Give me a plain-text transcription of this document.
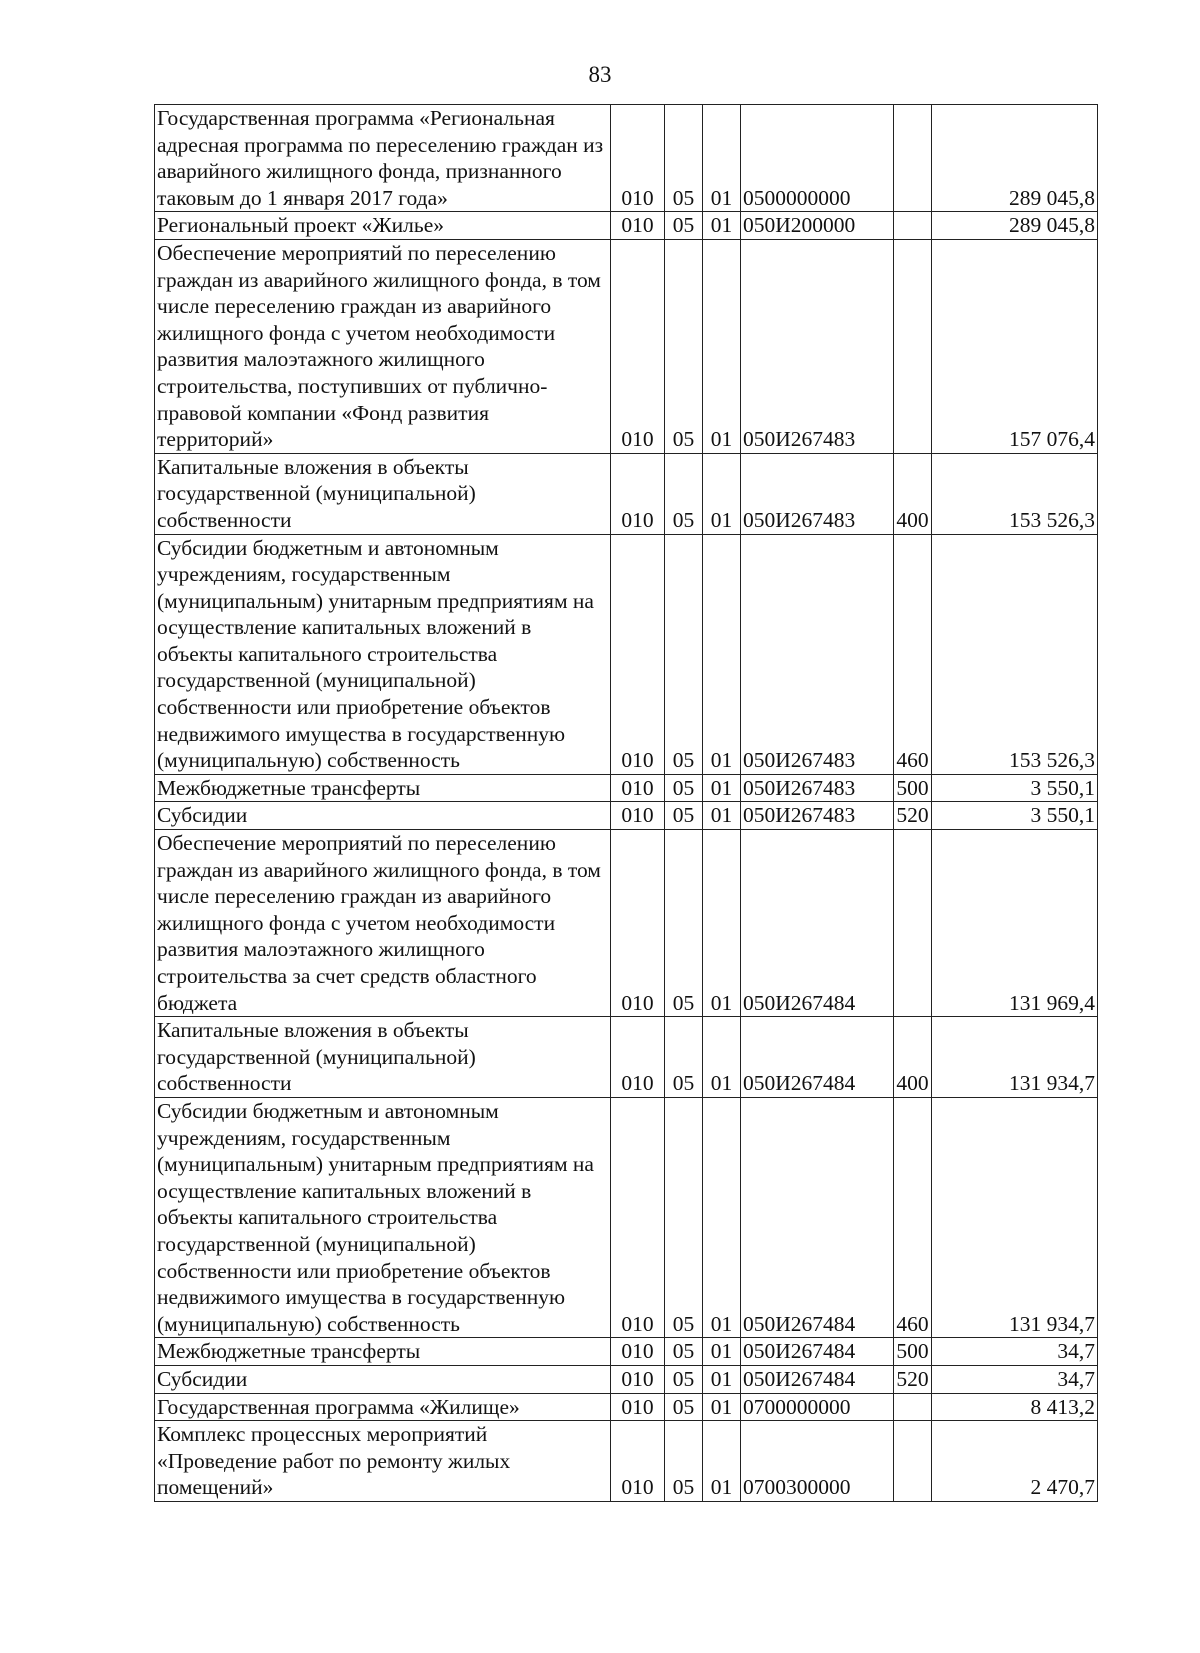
83
Государственная программа «Региональная адресная программа по переселению граждан из аварийного жилищного фонда, признанного таковым до 1 января 2017 года»	010	05	01	0500000000		289 045,8
Региональный проект «Жилье»	010	05	01	050И200000		289 045,8
Обеспечение мероприятий по переселению граждан из аварийного жилищного фонда, в том числе переселению граждан из аварийного жилищного фонда с учетом необходимости развития малоэтажного жилищного строительства, поступивших от публично-правовой компании «Фонд развития территорий»	010	05	01	050И267483		157 076,4
Капитальные вложения в объекты государственной (муниципальной) собственности	010	05	01	050И267483	400	153 526,3
Субсидии бюджетным и автономным учреждениям, государственным (муниципальным) унитарным предприятиям на осуществление капитальных вложений в объекты капитального строительства государственной (муниципальной) собственности или приобретение объектов недвижимого имущества в государственную (муниципальную) собственность	010	05	01	050И267483	460	153 526,3
Межбюджетные трансферты	010	05	01	050И267483	500	3 550,1
Субсидии	010	05	01	050И267483	520	3 550,1
Обеспечение мероприятий по переселению граждан из аварийного жилищного фонда, в том числе переселению граждан из аварийного жилищного фонда с учетом необходимости развития малоэтажного жилищного строительства за счет средств областного бюджета	010	05	01	050И267484		131 969,4
Капитальные вложения в объекты государственной (муниципальной) собственности	010	05	01	050И267484	400	131 934,7
Субсидии бюджетным и автономным учреждениям, государственным (муниципальным) унитарным предприятиям на осуществление капитальных вложений в объекты капитального строительства государственной (муниципальной) собственности или приобретение объектов недвижимого имущества в государственную (муниципальную) собственность	010	05	01	050И267484	460	131 934,7
Межбюджетные трансферты	010	05	01	050И267484	500	34,7
Субсидии	010	05	01	050И267484	520	34,7
Государственная программа «Жилище»	010	05	01	0700000000		8 413,2
Комплекс процессных мероприятий «Проведение работ по ремонту жилых помещений»	010	05	01	0700300000		2 470,7
